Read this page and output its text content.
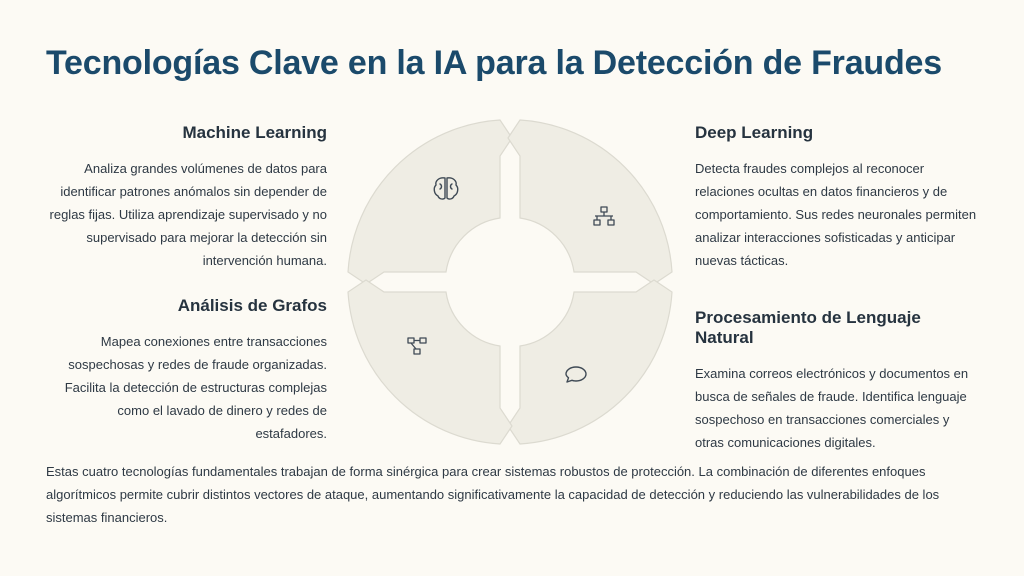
Tecnologías Clave en la IA para la Detección de Fraudes
Machine Learning

Analiza grandes volúmenes de datos para identificar patrones anómalos sin depender de reglas fijas. Utiliza aprendizaje supervisado y no supervisado para mejorar la detección sin intervención humana.

Análisis de Grafos

Mapea conexiones entre transacciones sospechosas y redes de fraude organizadas. Facilita la detección de estructuras complejas como el lavado de dinero y redes de estafadores.

Deep Learning

Detecta fraudes complejos al reconocer relaciones ocultas en datos financieros y de comportamiento. Sus redes neuronales permiten analizar interacciones sofisticadas y anticipar nuevas tácticas.

Procesamiento de Lenguaje Natural

Examina correos electrónicos y documentos en busca de señales de fraude. Identifica lenguaje sospechoso en transacciones comerciales y otras comunicaciones digitales.

Estas cuatro tecnologías fundamentales trabajan de forma sinérgica para crear sistemas robustos de protección. La combinación de diferentes enfoques algorítmicos permite cubrir distintos vectores de ataque, aumentando significativamente la capacidad de detección y reduciendo las vulnerabilidades de los sistemas financieros.
